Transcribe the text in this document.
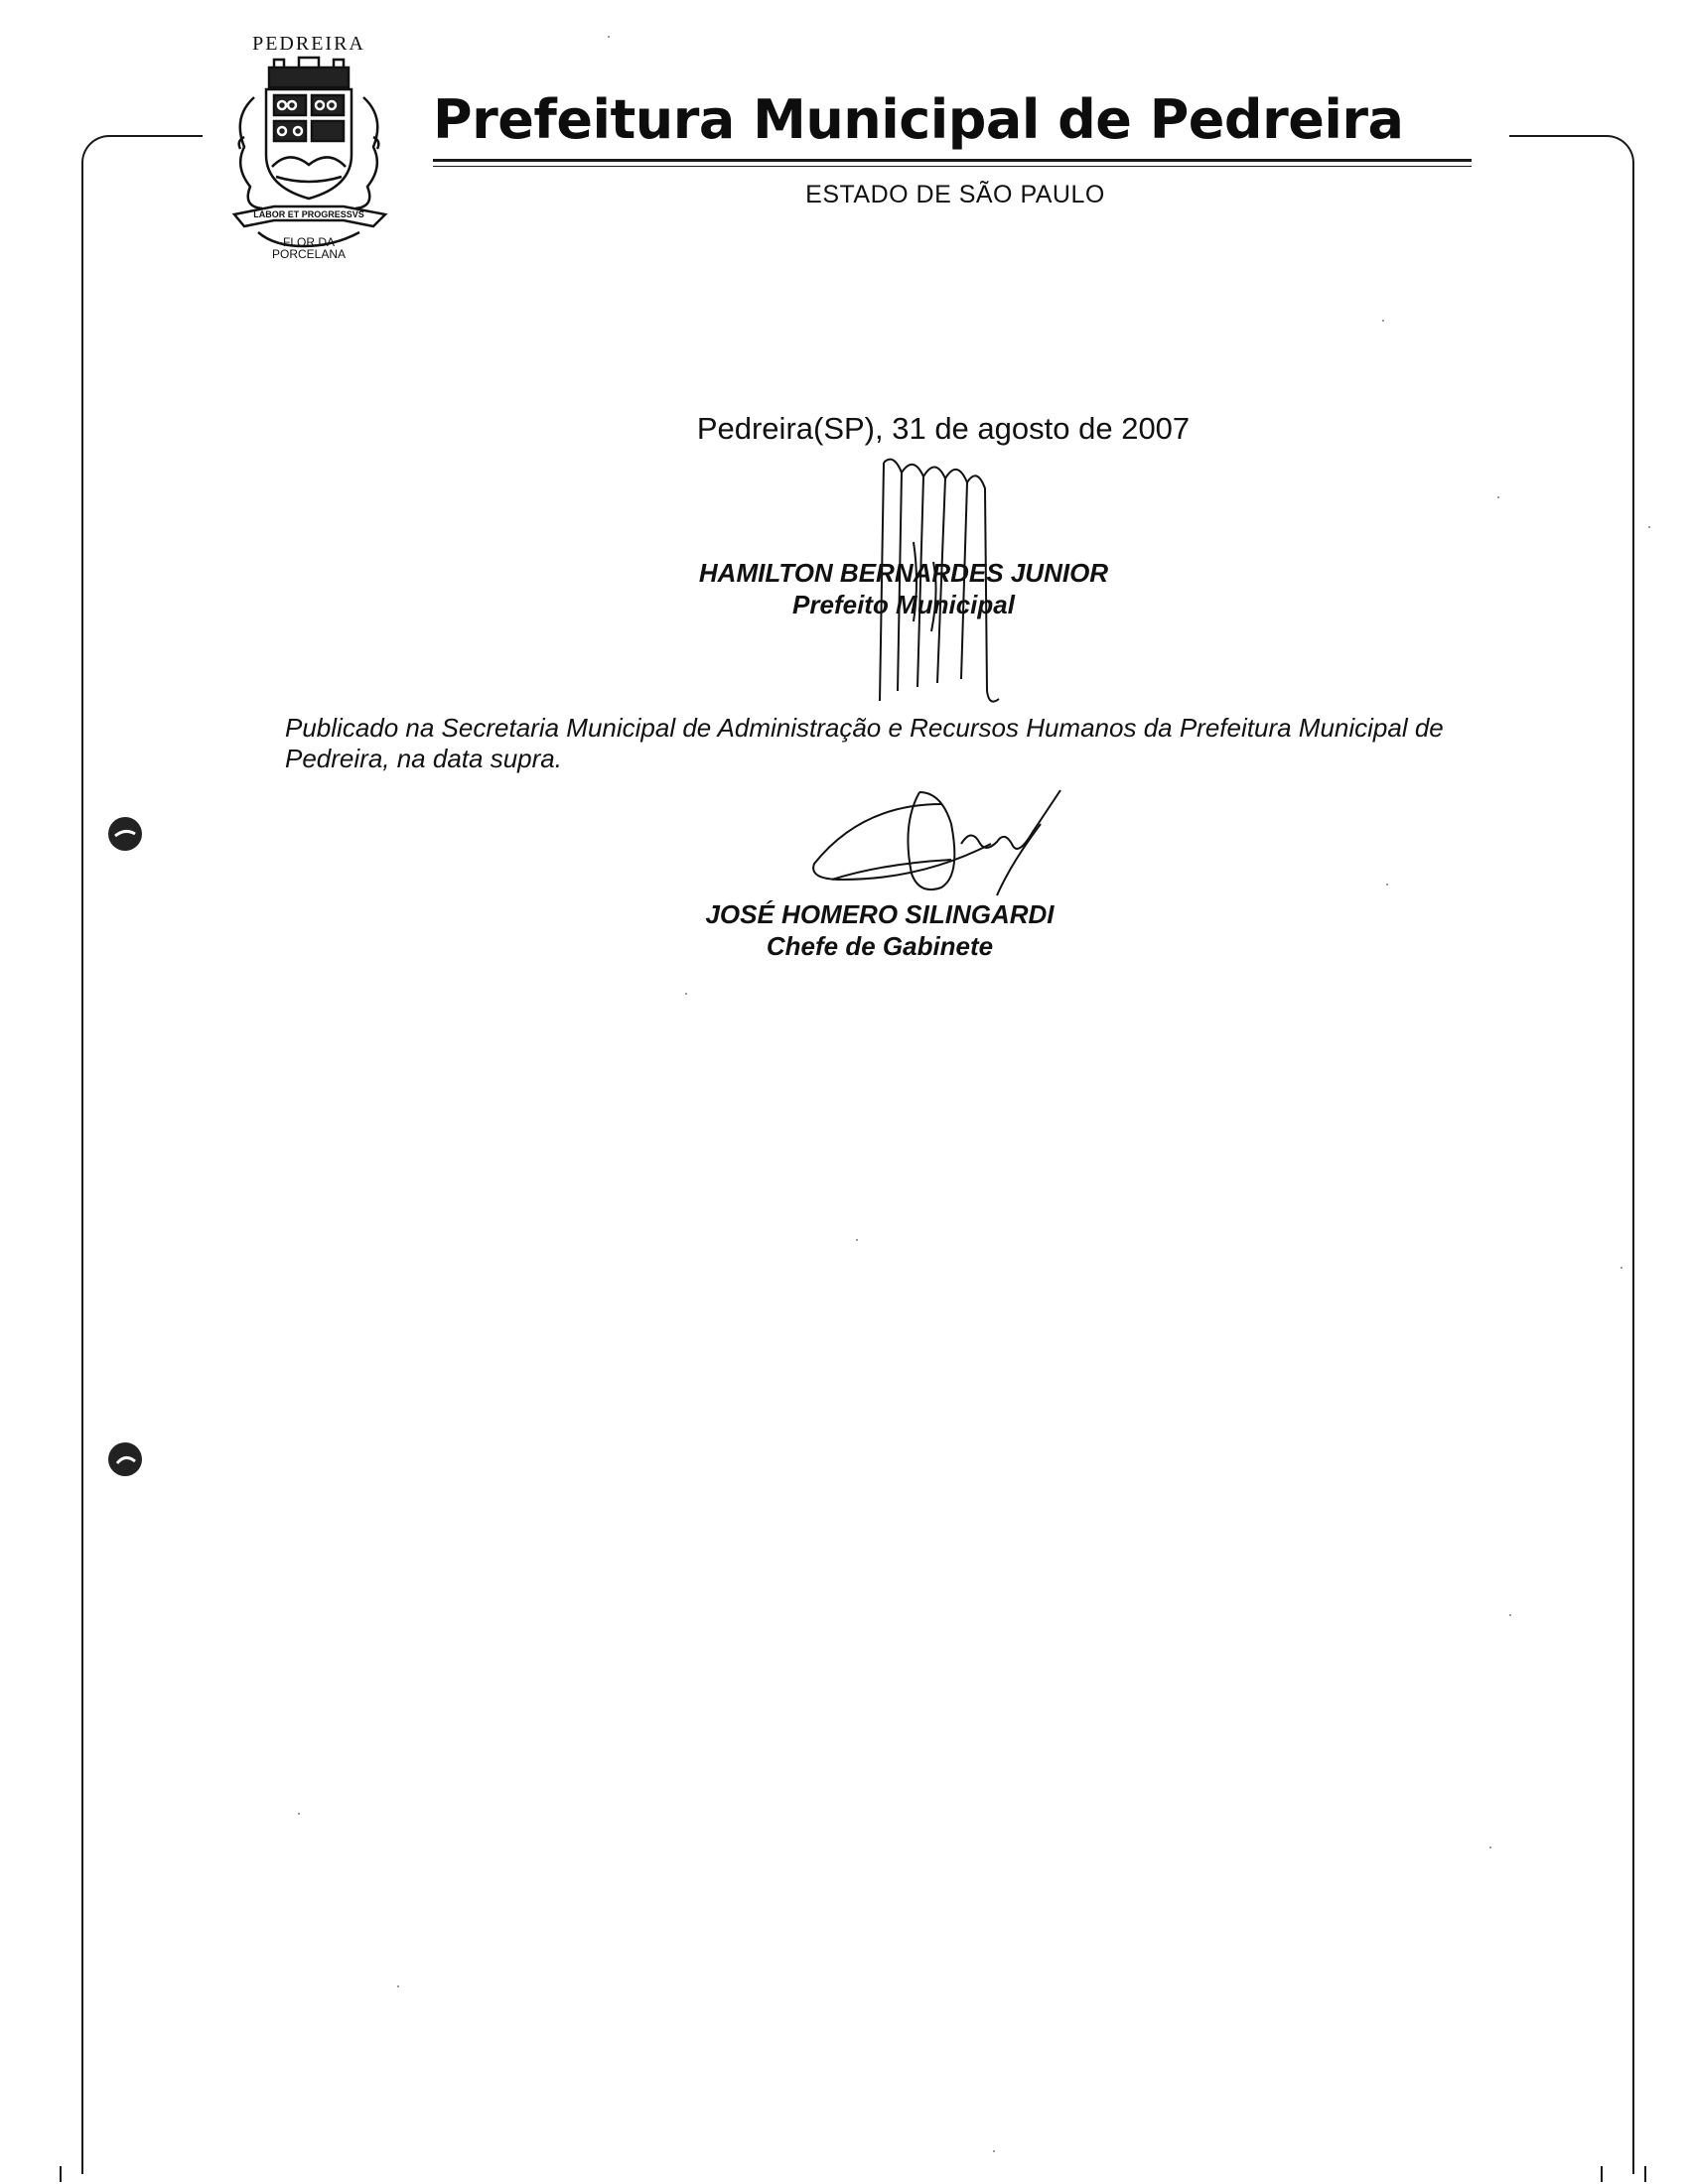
PEDREIRA
LABOR ET PROGRESSVS
FLOR DA
PORCELANA
Prefeitura Municipal de Pedreira
ESTADO DE SÃO PAULO
Pedreira(SP), 31 de agosto de 2007
HAMILTON BERNARDES JUNIOR
Prefeito Municipal
Publicado na Secretaria Municipal de Administração e Recursos Humanos da Prefeitura Municipal de Pedreira, na data supra.
JOSÉ HOMERO SILINGARDI
Chefe de Gabinete
